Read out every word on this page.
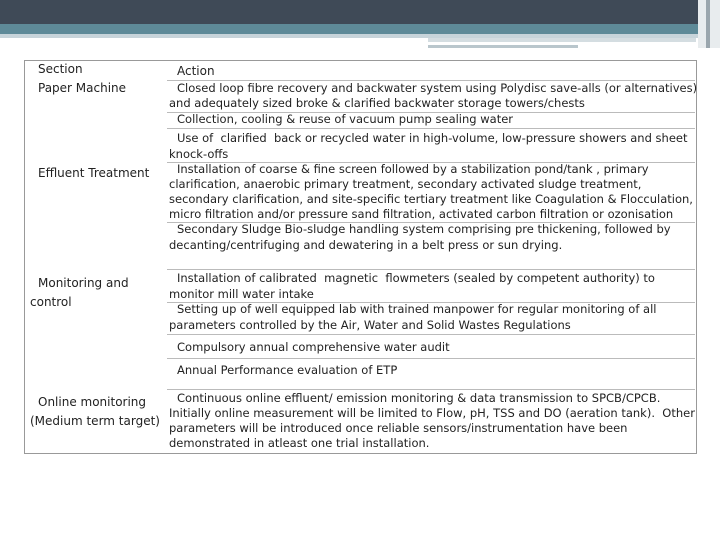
Section
Paper Machine
Effluent Treatment
Monitoring and
control
Online monitoring
(Medium term target)
Action
Closed loop fibre recovery and backwater system using Polydisc save-alls (or alternatives)
and adequately sized broke & clarified backwater storage towers/chests
Collection, cooling & reuse of vacuum pump sealing water
Use of  clarified  back or recycled water in high-volume, low-pressure showers and sheet
knock-offs
Installation of coarse & fine screen followed by a stabilization pond/tank , primary
clarification, anaerobic primary treatment, secondary activated sludge treatment,
secondary clarification, and site-specific tertiary treatment like Coagulation & Flocculation,
micro filtration and/or pressure sand filtration, activated carbon filtration or ozonisation
Secondary Sludge Bio-sludge handling system comprising pre thickening, followed by
decanting/centrifuging and dewatering in a belt press or sun drying.
Installation of calibrated  magnetic  flowmeters (sealed by competent authority) to
monitor mill water intake
Setting up of well equipped lab with trained manpower for regular monitoring of all
parameters controlled by the Air, Water and Solid Wastes Regulations
Compulsory annual comprehensive water audit
Annual Performance evaluation of ETP
Continuous online effluent/ emission monitoring & data transmission to SPCB/CPCB.
Initially online measurement will be limited to Flow, pH, TSS and DO (aeration tank).  Other
parameters will be introduced once reliable sensors/instrumentation have been
demonstrated in atleast one trial installation.
